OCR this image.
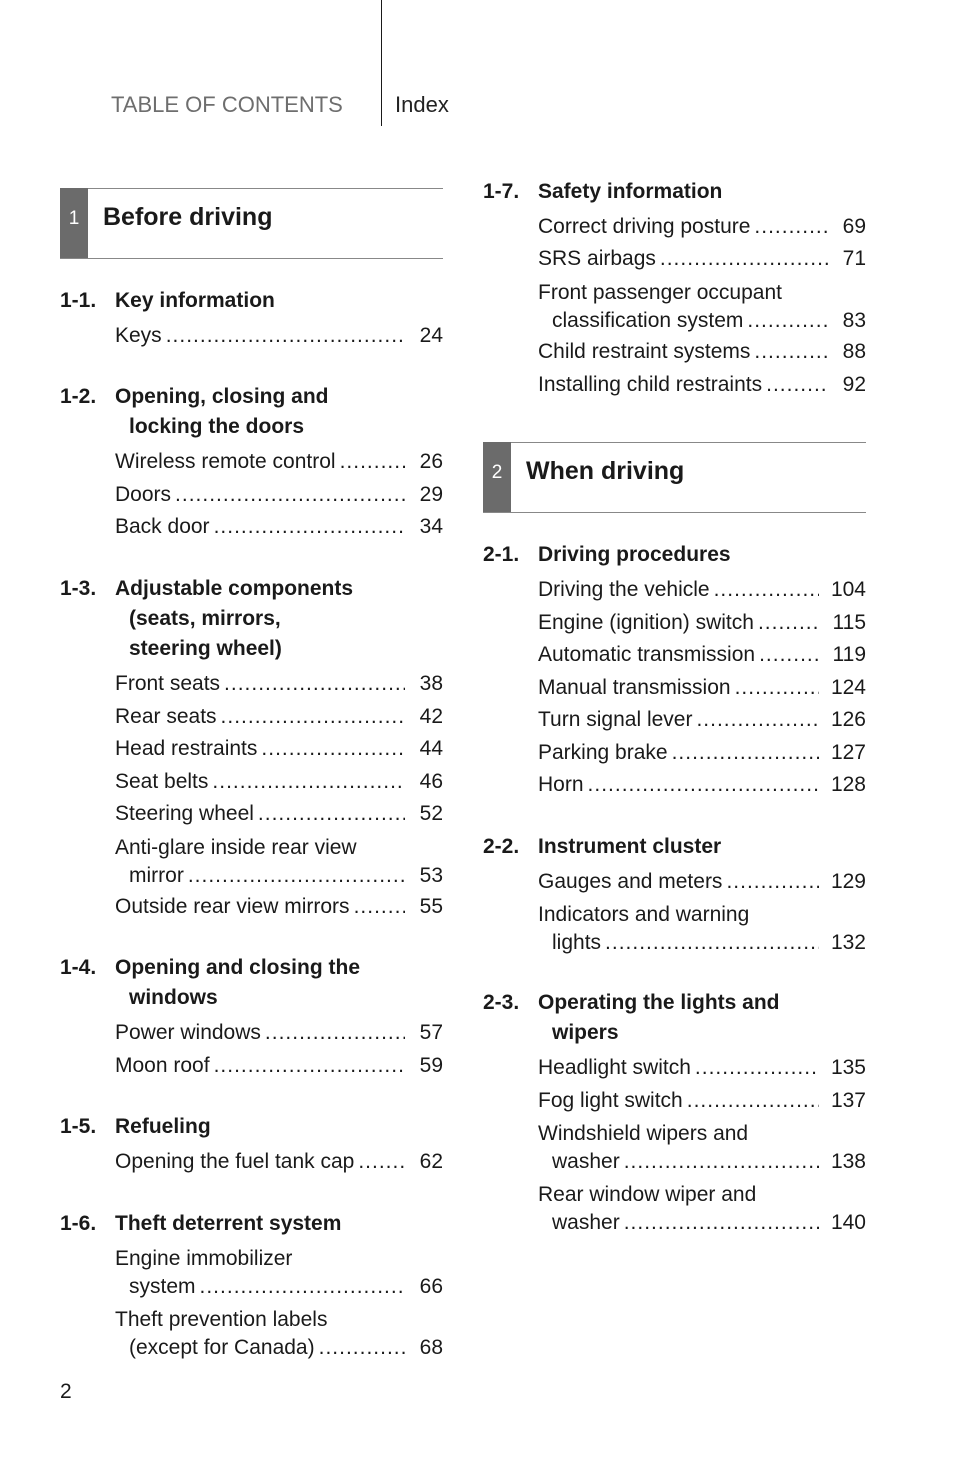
TABLE OF CONTENTS Index
1 Before driving
1-1. Key information
Keys .....	24
1-2. Opening, closing and
locking the doors
Wireless remote control .....	26
Doors .....	29
Back door .....	34
1-3. Adjustable components
(seats, mirrors,
steering wheel)
Front seats .....	38
Rear seats .....	42
Head restraints .....	44
Seat belts .....	46
Steering wheel .....	52
Anti-glare inside rear view
mirror .....	53
Outside rear view mirrors .....	55
1-4. Opening and closing the
windows
Power windows .....	57
Moon roof .....	59
1-5. Refueling
Opening the fuel tank cap .....	62
1-6. Theft deterrent system
Engine immobilizer
system .....	66
Theft prevention labels
(except for Canada) .....	68
1-7. Safety information
Correct driving posture .....	69
SRS airbags .....	71
Front passenger occupant
classification system .....	83
Child restraint systems .....	88
Installing child restraints .....	92
2 When driving
2-1. Driving procedures
Driving the vehicle .....	104
Engine (ignition) switch .....	115
Automatic transmission .....	119
Manual transmission .....	124
Turn signal lever .....	126
Parking brake .....	127
Horn .....	128
2-2. Instrument cluster
Gauges and meters .....	129
Indicators and warning
lights .....	132
2-3. Operating the lights and
wipers
Headlight switch .....	135
Fog light switch .....	137
Windshield wipers and
washer .....	138
Rear window wiper and
washer .....	140
2
